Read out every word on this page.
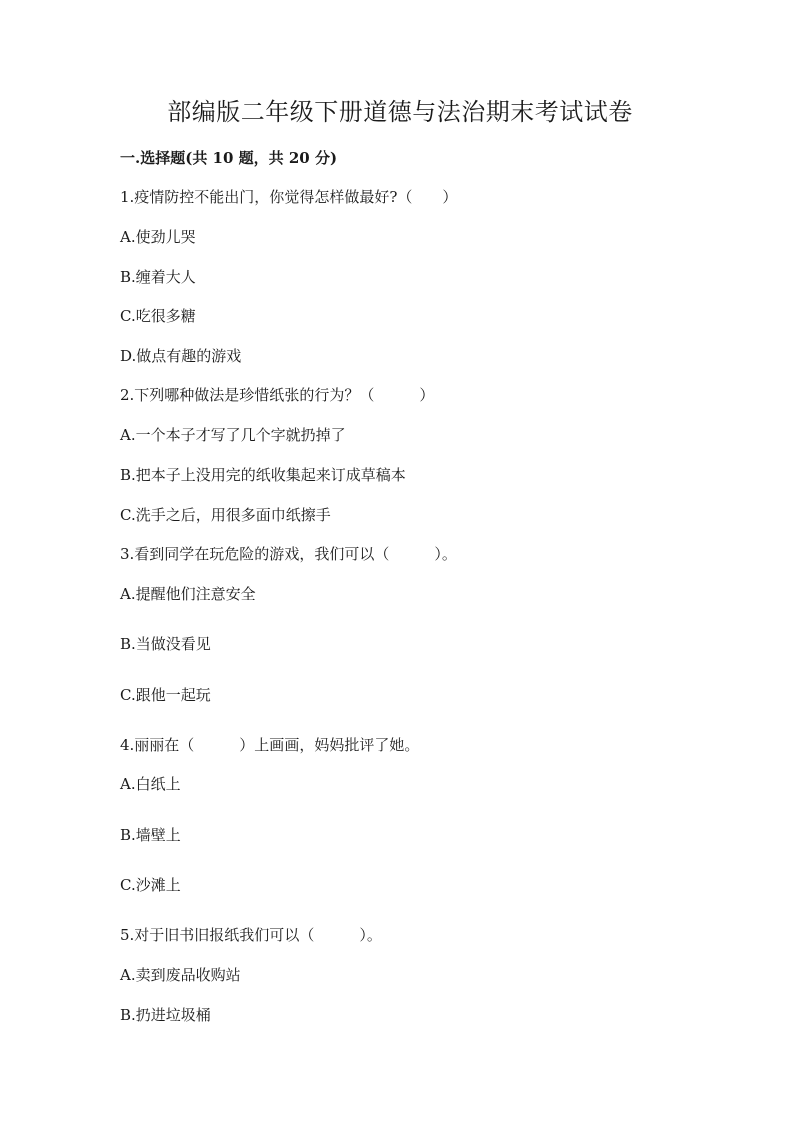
部编版二年级下册道德与法治期末考试试卷

一.选择题(共 10 题，共 20 分)

1.疫情防控不能出门，你觉得怎样做最好?（　　）

A.使劲儿哭

B.缠着大人

C.吃很多糖

D.做点有趣的游戏

2.下列哪种做法是珍惜纸张的行为？（　　　）

A.一个本子才写了几个字就扔掉了

B.把本子上没用完的纸收集起来订成草稿本

C.洗手之后，用很多面巾纸擦手

3.看到同学在玩危险的游戏，我们可以（　　　）。

A.提醒他们注意安全

B.当做没看见

C.跟他一起玩

4.丽丽在（　　　）上画画，妈妈批评了她。

A.白纸上

B.墙壁上

C.沙滩上

5.对于旧书旧报纸我们可以（　　　）。

A.卖到废品收购站

B.扔进垃圾桶
